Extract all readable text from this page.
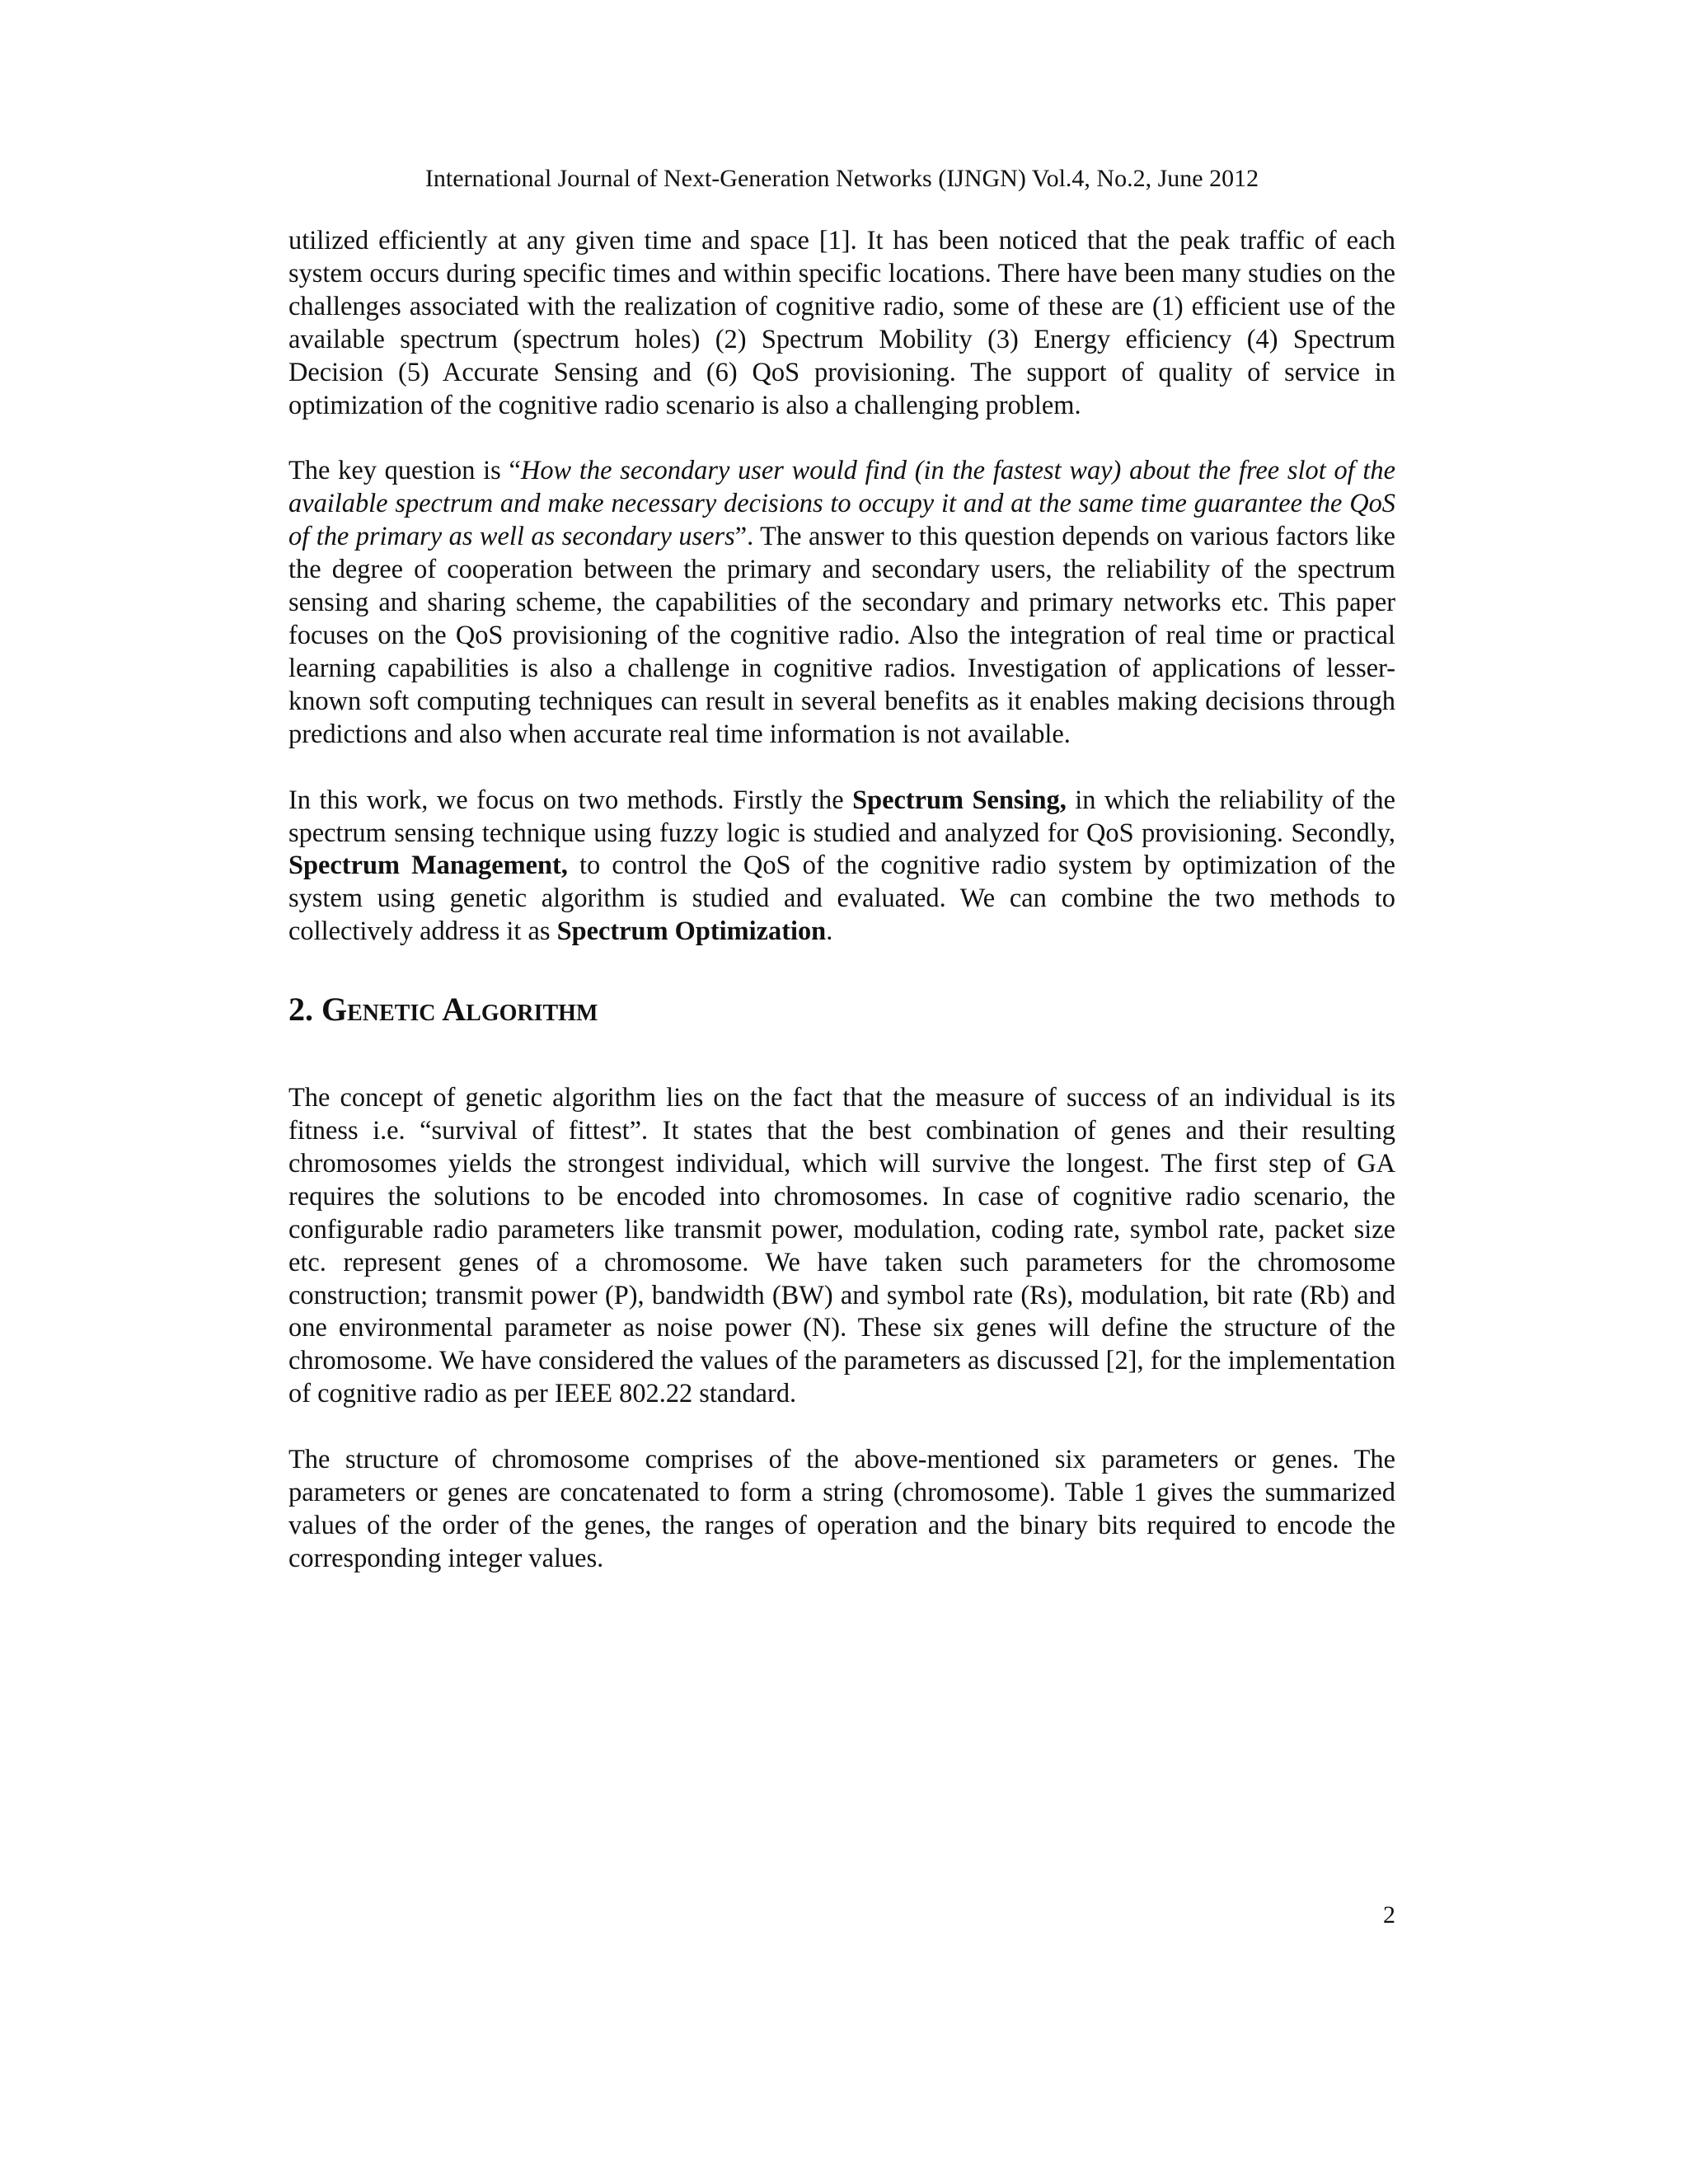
International Journal of Next-Generation Networks (IJNGN) Vol.4, No.2, June 2012

utilized efficiently at any given time and space [1]. It has been noticed that the peak traffic of each system occurs during specific times and within specific locations. There have been many studies on the challenges associated with the realization of cognitive radio, some of these are (1) efficient use of the available spectrum (spectrum holes) (2) Spectrum Mobility (3) Energy efficiency (4) Spectrum Decision (5) Accurate Sensing and (6) QoS provisioning. The support of quality of service in optimization of the cognitive radio scenario is also a challenging problem.

The key question is “How the secondary user would find (in the fastest way) about the free slot of the available spectrum and make necessary decisions to occupy it and at the same time guarantee the QoS of the primary as well as secondary users”. The answer to this question depends on various factors like the degree of cooperation between the primary and secondary users, the reliability of the spectrum sensing and sharing scheme, the capabilities of the secondary and primary networks etc. This paper focuses on the QoS provisioning of the cognitive radio. Also the integration of real time or practical learning capabilities is also a challenge in cognitive radios. Investigation of applications of lesser-known soft computing techniques can result in several benefits as it enables making decisions through predictions and also when accurate real time information is not available.

In this work, we focus on two methods. Firstly the Spectrum Sensing, in which the reliability of the spectrum sensing technique using fuzzy logic is studied and analyzed for QoS provisioning. Secondly, Spectrum Management, to control the QoS of the cognitive radio system by optimization of the system using genetic algorithm is studied and evaluated. We can combine the two methods to collectively address it as Spectrum Optimization.

2. Genetic Algorithm

The concept of genetic algorithm lies on the fact that the measure of success of an individual is its fitness i.e. “survival of fittest”. It states that the best combination of genes and their resulting chromosomes yields the strongest individual, which will survive the longest. The first step of GA requires the solutions to be encoded into chromosomes. In case of cognitive radio scenario, the configurable radio parameters like transmit power, modulation, coding rate, symbol rate, packet size etc. represent genes of a chromosome. We have taken such parameters for the chromosome construction; transmit power (P), bandwidth (BW) and symbol rate (Rs), modulation, bit rate (Rb) and one environmental parameter as noise power (N). These six genes will define the structure of the chromosome. We have considered the values of the parameters as discussed [2], for the implementation of cognitive radio as per IEEE 802.22 standard.

The structure of chromosome comprises of the above-mentioned six parameters or genes. The parameters or genes are concatenated to form a string (chromosome). Table 1 gives the summarized values of the order of the genes, the ranges of operation and the binary bits required to encode the corresponding integer values.

2
